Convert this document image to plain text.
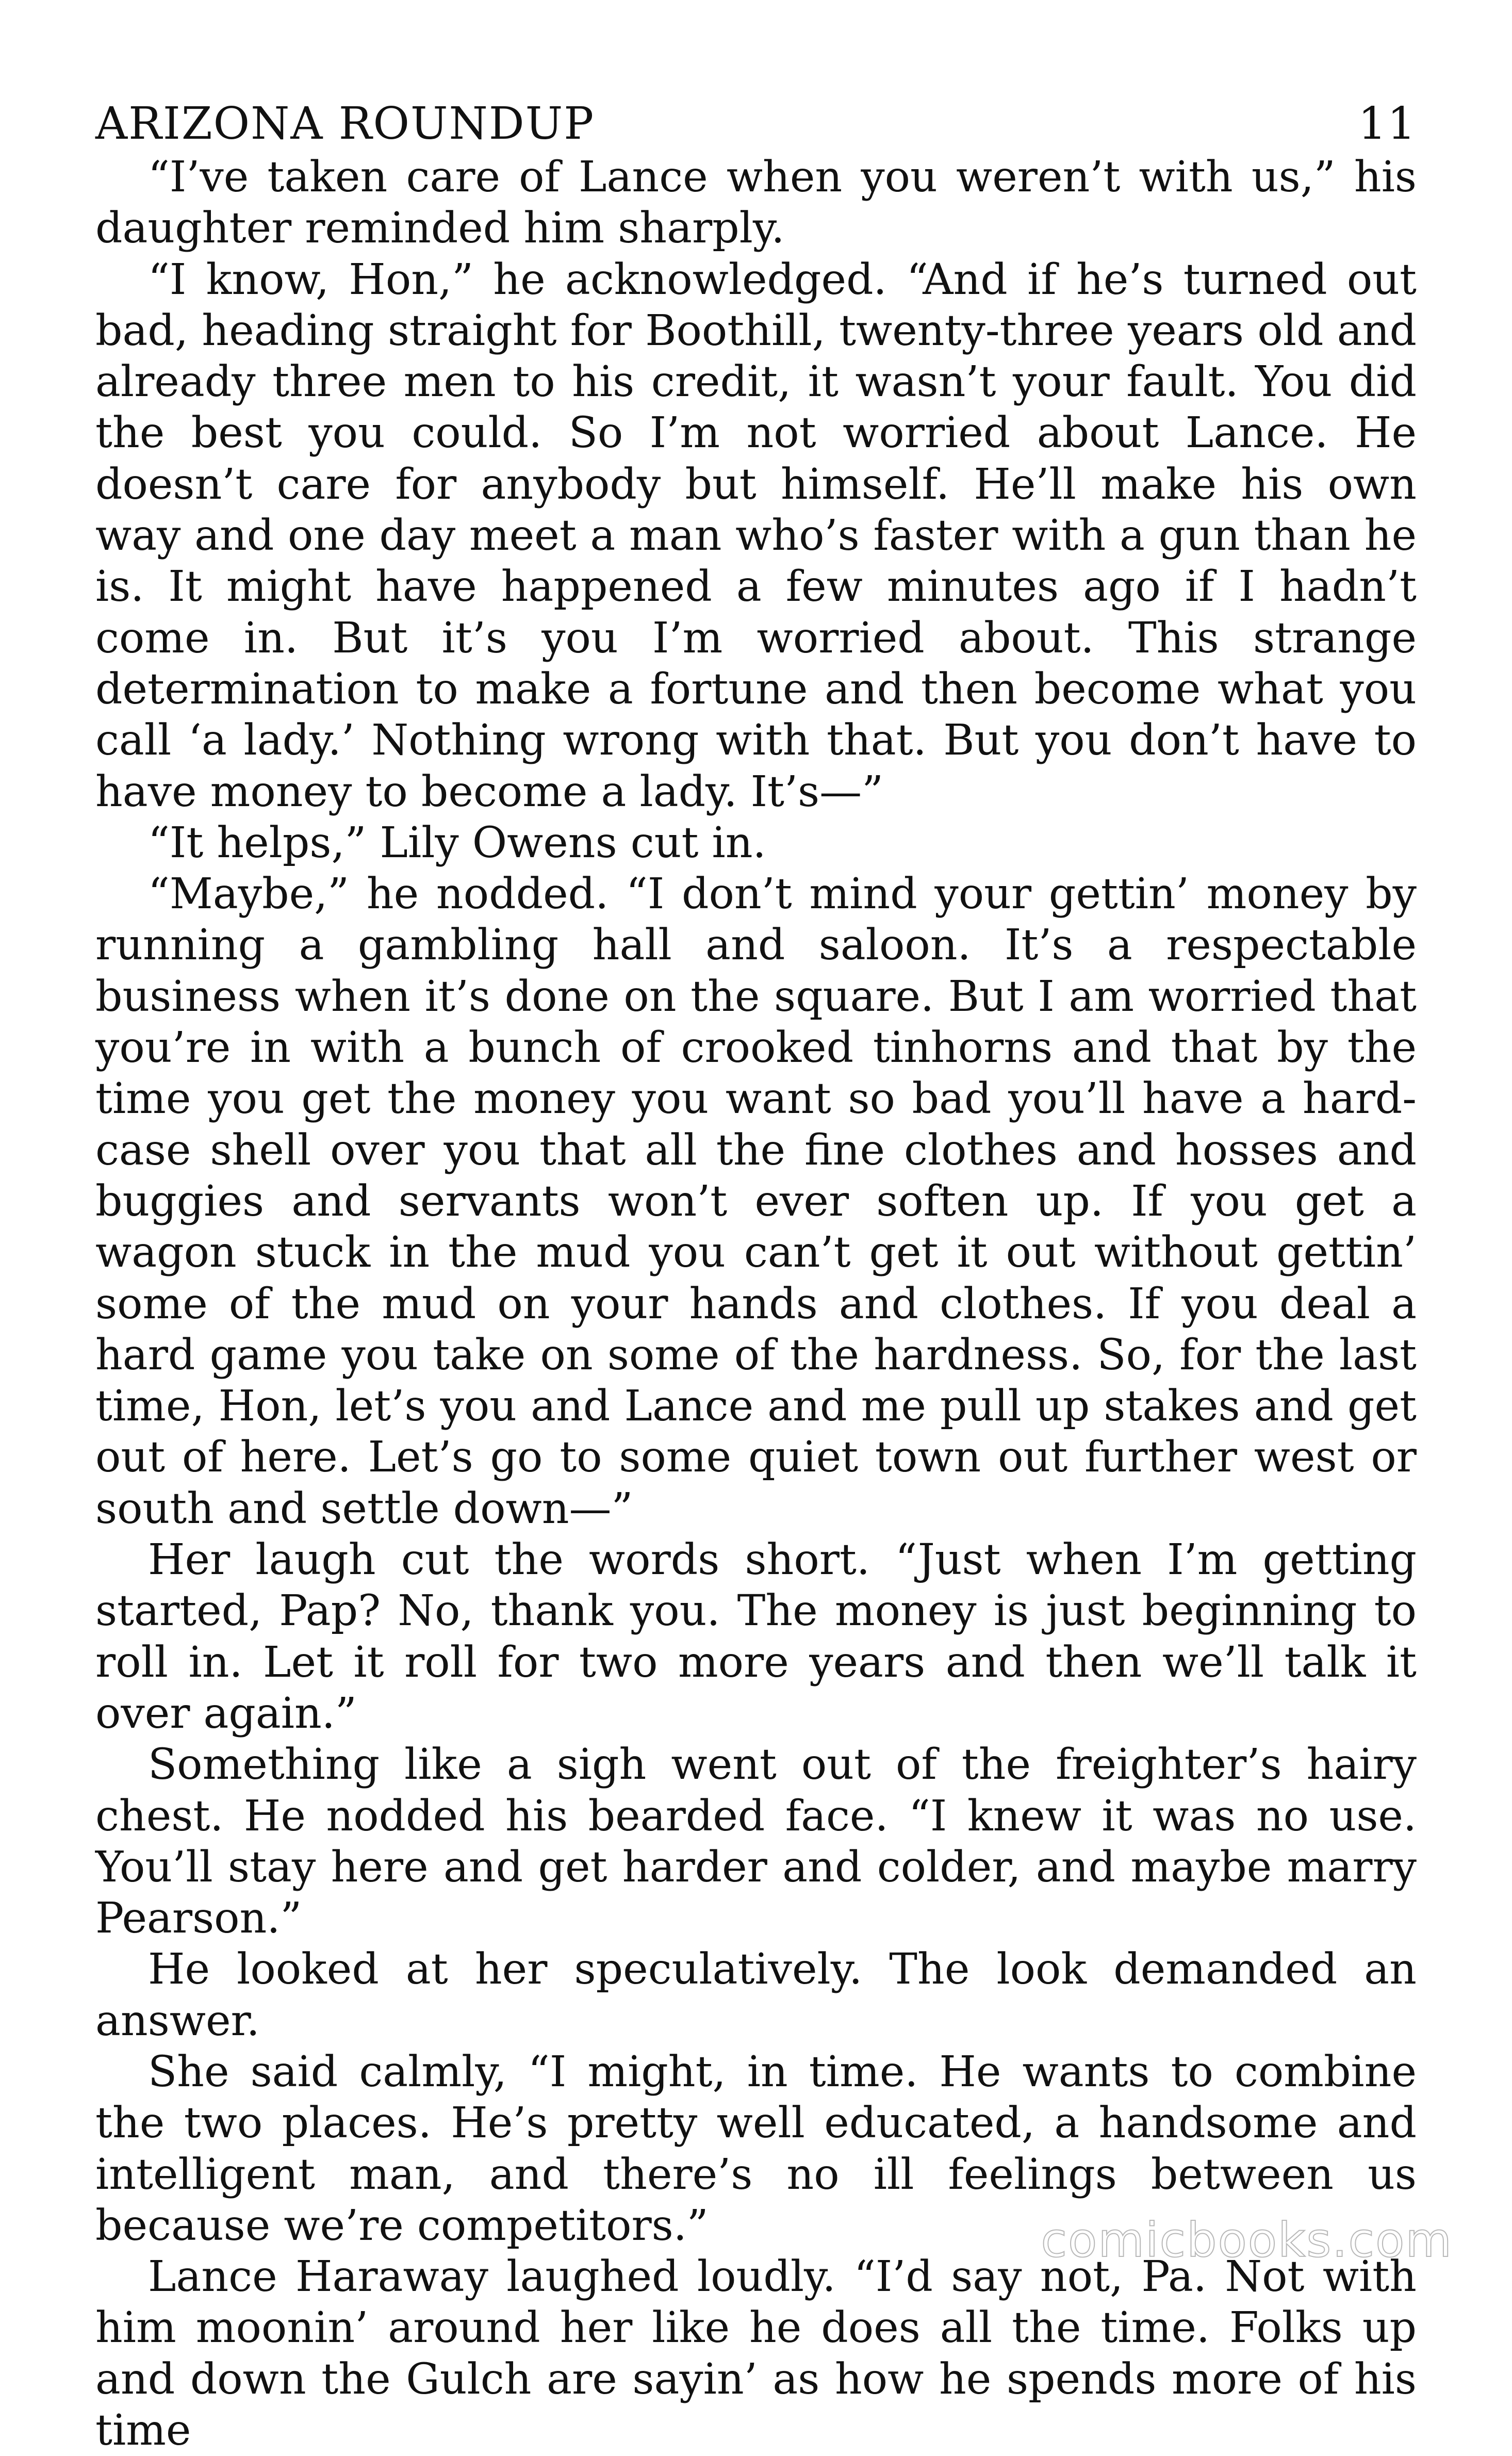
ARIZONA ROUNDUP	11

“I’ve taken care of Lance when you weren’t with us,” his daughter reminded him sharply.

“I know, Hon,” he acknowledged. “And if he’s turned out bad, heading straight for Boothill, twenty-three years old and already three men to his credit, it wasn’t your fault. You did the best you could. So I’m not worried about Lance. He doesn’t care for anybody but himself. He’ll make his own way and one day meet a man who’s faster with a gun than he is. It might have happened a few minutes ago if I hadn’t come in. But it’s you I’m worried about. This strange determination to make a fortune and then become what you call ‘a lady.’ Nothing wrong with that. But you don’t have to have money to become a lady. It’s—”

“It helps,” Lily Owens cut in.

“Maybe,” he nodded. “I don’t mind your gettin’ money by running a gambling hall and saloon. It’s a respectable business when it’s done on the square. But I am worried that you’re in with a bunch of crooked tinhorns and that by the time you get the money you want so bad you’ll have a hard-case shell over you that all the fine clothes and hosses and buggies and servants won’t ever soften up. If you get a wagon stuck in the mud you can’t get it out without gettin’ some of the mud on your hands and clothes. If you deal a hard game you take on some of the hardness. So, for the last time, Hon, let’s you and Lance and me pull up stakes and get out of here. Let’s go to some quiet town out further west or south and settle down—”

Her laugh cut the words short. “Just when I’m getting started, Pap? No, thank you. The money is just beginning to roll in. Let it roll for two more years and then we’ll talk it over again.”

Something like a sigh went out of the freighter’s hairy chest. He nodded his bearded face. “I knew it was no use. You’ll stay here and get harder and colder, and maybe marry Pearson.”

He looked at her speculatively. The look demanded an answer.

She said calmly, “I might, in time. He wants to combine the two places. He’s pretty well educated, a handsome and intelligent man, and there’s no ill feelings between us because we’re competitors.”

Lance Haraway laughed loudly. “I’d say not, Pa. Not with him moonin’ around her like he does all the time. Folks up and down the Gulch are sayin’ as how he spends more of his time

comicbooks.com
